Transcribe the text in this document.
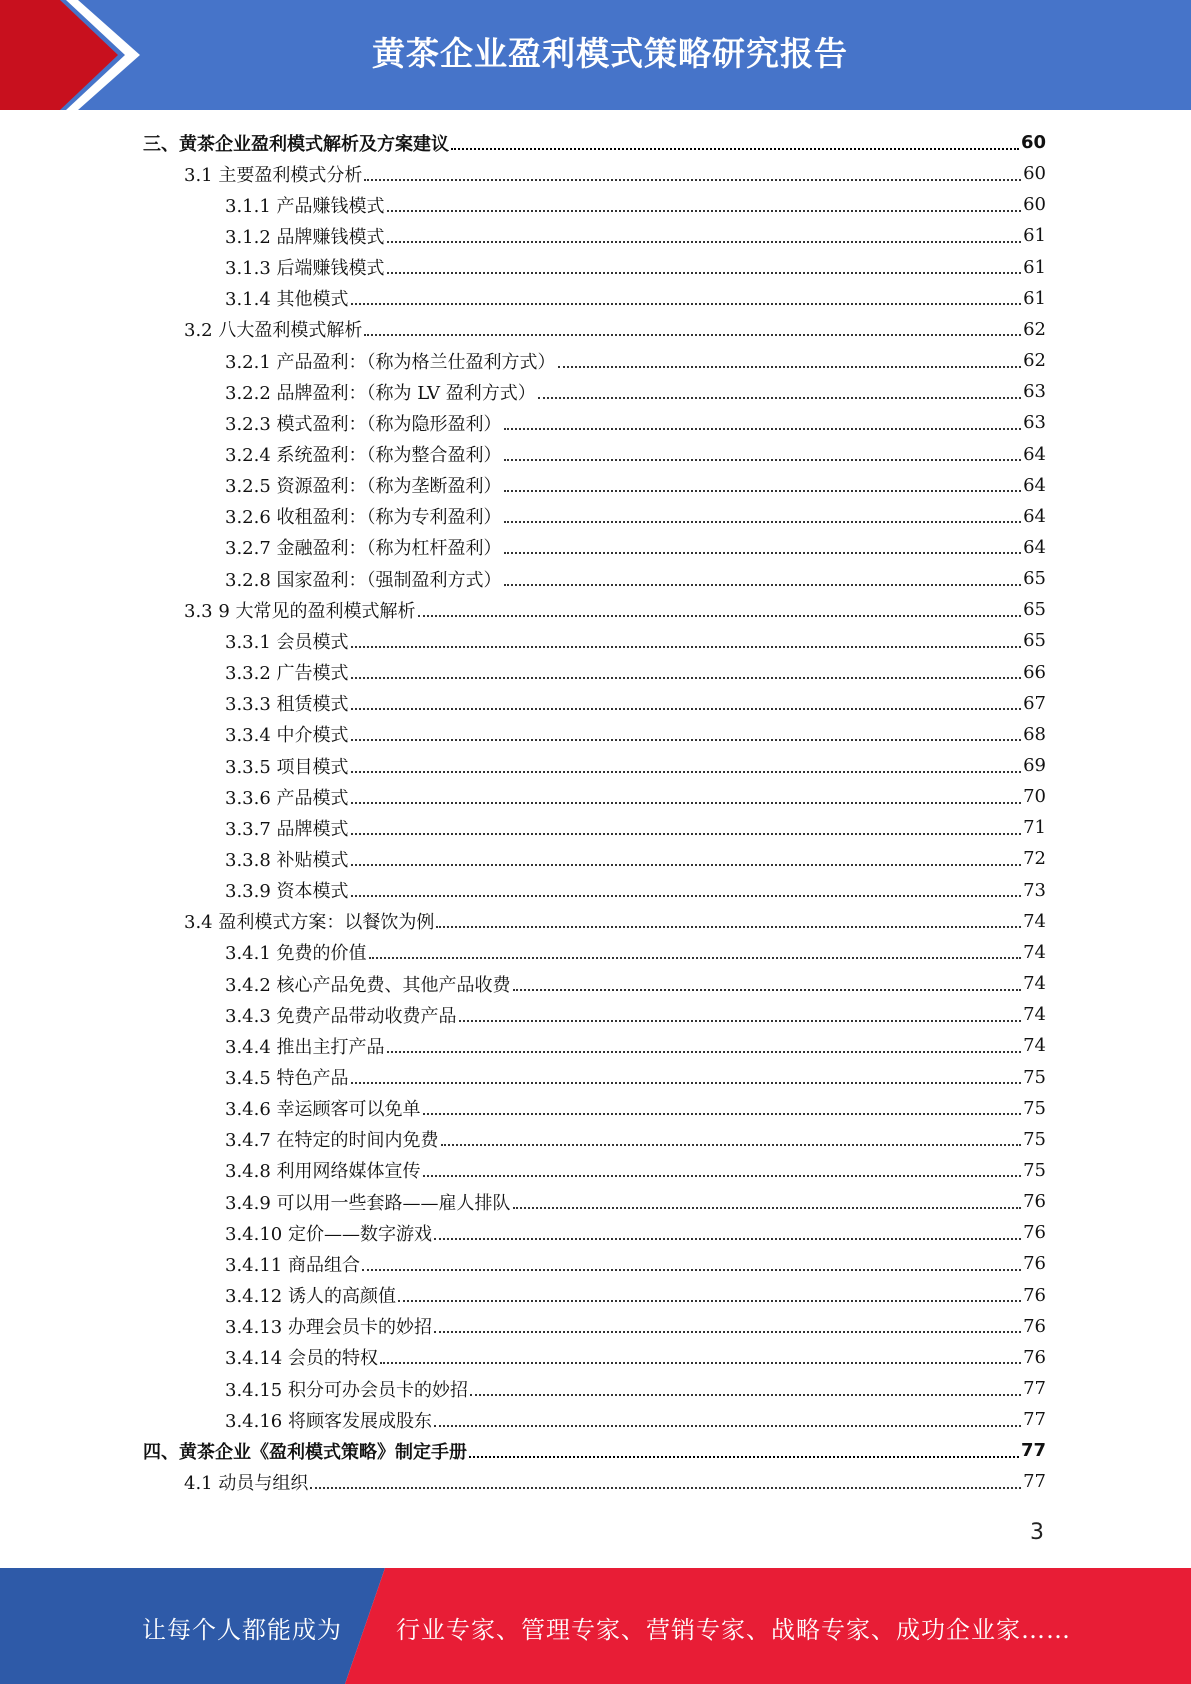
黄茶企业盈利模式策略研究报告
三、黄茶企业盈利模式解析及方案建议	60
3.1 主要盈利模式分析	60
3.1.1 产品赚钱模式	60
3.1.2 品牌赚钱模式	61
3.1.3 后端赚钱模式	61
3.1.4 其他模式	61
3.2 八大盈利模式解析	62
3.2.1 产品盈利：（称为格兰仕盈利方式）	62
3.2.2 品牌盈利：（称为 LV 盈利方式）	63
3.2.3 模式盈利：（称为隐形盈利）	63
3.2.4 系统盈利：（称为整合盈利）	64
3.2.5 资源盈利：（称为垄断盈利）	64
3.2.6 收租盈利：（称为专利盈利）	64
3.2.7 金融盈利：（称为杠杆盈利）	64
3.2.8 国家盈利：（强制盈利方式）	65
3.3 9 大常见的盈利模式解析	65
3.3.1 会员模式	65
3.3.2 广告模式	66
3.3.3 租赁模式	67
3.3.4 中介模式	68
3.3.5 项目模式	69
3.3.6 产品模式	70
3.3.7 品牌模式	71
3.3.8 补贴模式	72
3.3.9 资本模式	73
3.4 盈利模式方案：以餐饮为例	74
3.4.1 免费的价值	74
3.4.2 核心产品免费、其他产品收费	74
3.4.3 免费产品带动收费产品	74
3.4.4 推出主打产品	74
3.4.5 特色产品	75
3.4.6 幸运顾客可以免单	75
3.4.7 在特定的时间内免费	75
3.4.8 利用网络媒体宣传	75
3.4.9 可以用一些套路——雇人排队	76
3.4.10 定价——数字游戏	76
3.4.11 商品组合	76
3.4.12 诱人的高颜值	76
3.4.13 办理会员卡的妙招	76
3.4.14 会员的特权	76
3.4.15 积分可办会员卡的妙招	77
3.4.16 将顾客发展成股东	77
四、黄茶企业《盈利模式策略》制定手册	77
4.1 动员与组织	77
3
让每个人都能成为 行业专家、管理专家、营销专家、战略专家、成功企业家……
